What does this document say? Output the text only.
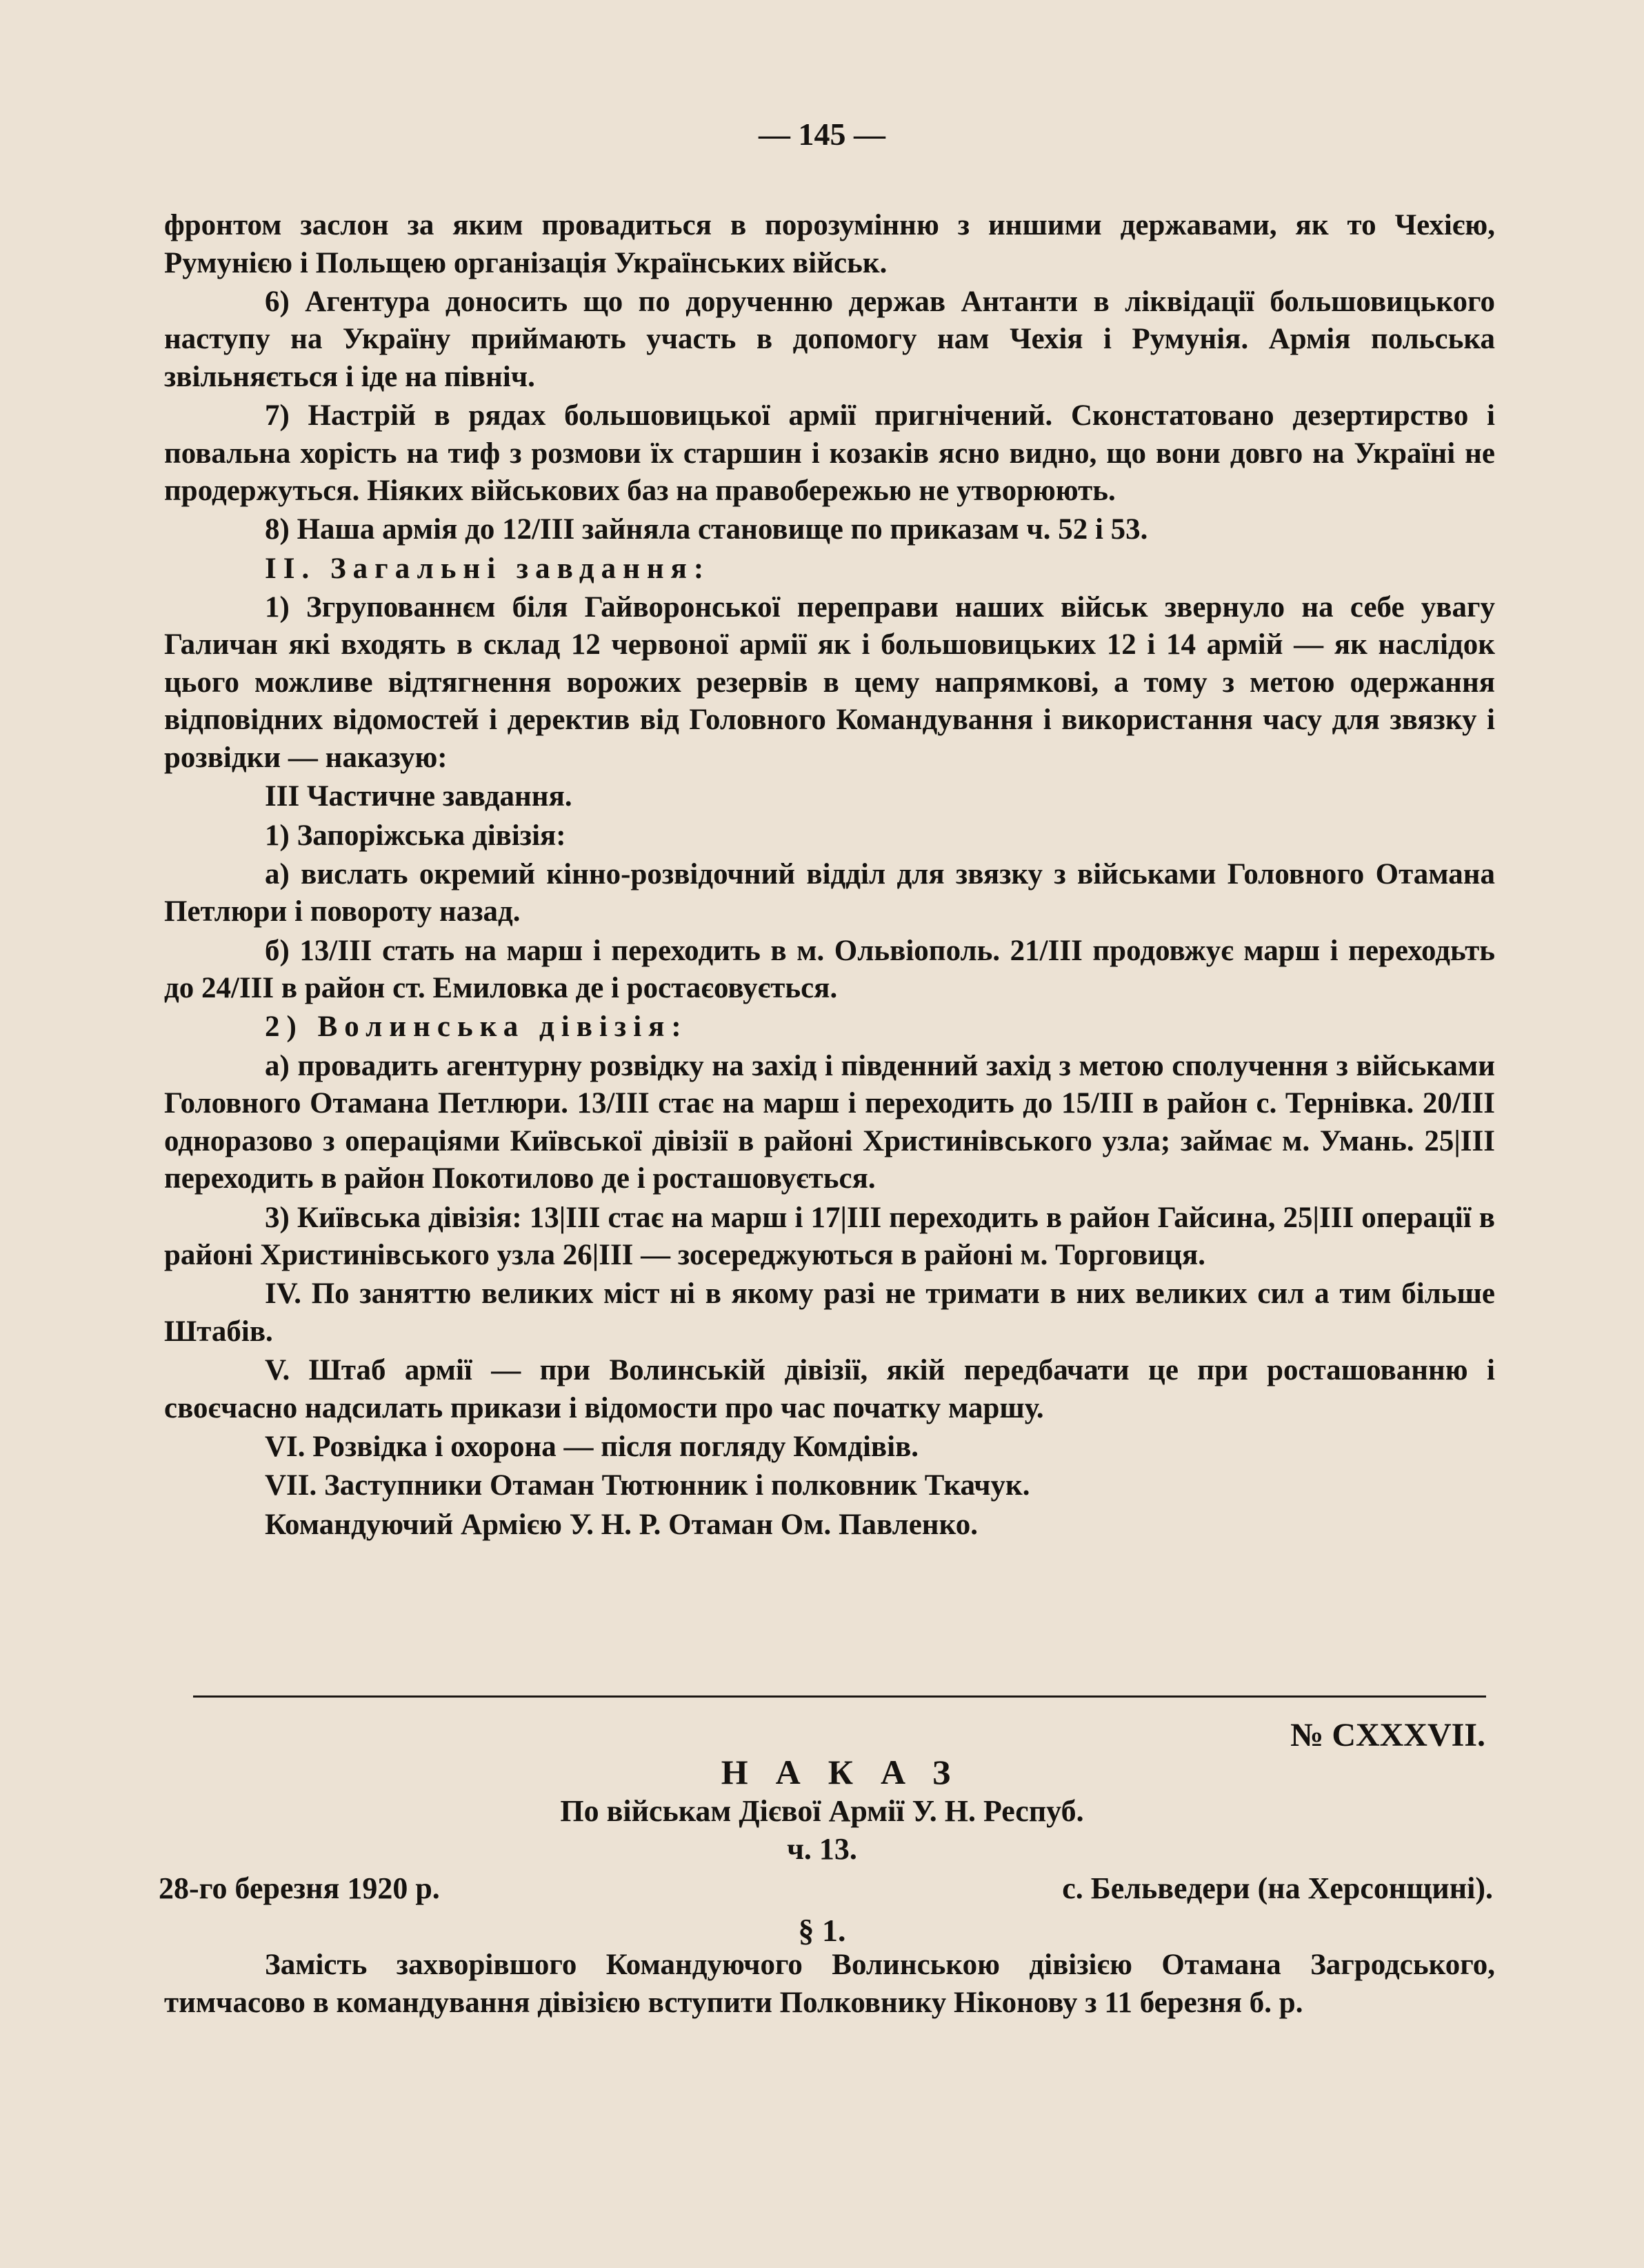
— 145 —

фронтом заслон за яким провадиться в порозумінню з иншими державами, як то Чехією, Румунією і Польщею організація Українських військ.

6) Агентура доносить що по дорученню держав Антанти в ліквідації большовицького наступу на Україну приймають участь в допомогу нам Чехія і Румунія. Армія польська звільняється і іде на північ.

7) Настрій в рядах большовицької армії пригнічений. Сконстатовано дезертирство і повальна хорість на тиф з розмови їх старшин і козаків ясно видно, що вони довго на Україні не продержуться. Ніяких військових баз на правобережью не утворюють.

8) Наша армія до 12/III зайняла становище по приказам ч. 52 і 53.

II. Загальні завдання:

1) Згрупованнєм біля Гайворонської переправи наших військ звернуло на себе увагу Галичан які входять в склад 12 червоної армії як і большовицьких 12 і 14 армій — як наслідок цього можливе відтягнення ворожих резервів в цему напрямкові, а тому з метою одержання відповідних відомостей і деректив від Головного Командування і використання часу для звязку і розвідки — наказую:

III Частичне завдання.

1) Запоріжська дівізія:

а) вислать окремий кінно-розвідочний відділ для звязку з військами Головного Отамана Петлюри і повороту назад.

б) 13/III стать на марш і переходить в м. Ольвіополь. 21/III продовжує марш і переходьть до 24/III в район ст. Емиловка де і ростаєовується.

2) Волинська дівізія:

а) провадить агентурну розвідку на захід і південний захід з метою сполучення з військами Головного Отамана Петлюри. 13/III стає на марш і переходить до 15/III в район с. Тернівка. 20/III одноразово з операціями Київської дівізії в районі Христинівського узла; займає м. Умань. 25|III переходить в район Покотилово де і росташовується.

3) Київська дівізія: 13|III стає на марш і 17|III переходить в район Гайсина, 25|III операції в районі Христинівського узла 26|III — зосереджуються в районі м. Торговиця.

IV. По заняттю великих міст ні в якому разі не тримати в них великих сил а тим більше Штабів.

V. Штаб армії — при Волинській дівізії, якій передбачати це при росташованню і своєчасно надсилать прикази і відомости про час початку маршу.

VI. Розвідка і охорона — після погляду Комдівів.

VII. Заступники Отаман Тютюнник і полковник Ткачук.

Командуючий Армією У. Н. Р. Отаман Ом. Павленко.

№ CXXXVII.
НАКАЗ
По військам Дієвої Армії У. Н. Респуб.
ч. 13.
28-го березня 1920 р.	с. Бельведери (на Херсонщині).
§ 1.

Замість захворівшого Командуючого Волинською дівізією Отамана Загродського, тимчасово в командування дівізією вступити Полковнику Ніконову з 11 березня б. р.
